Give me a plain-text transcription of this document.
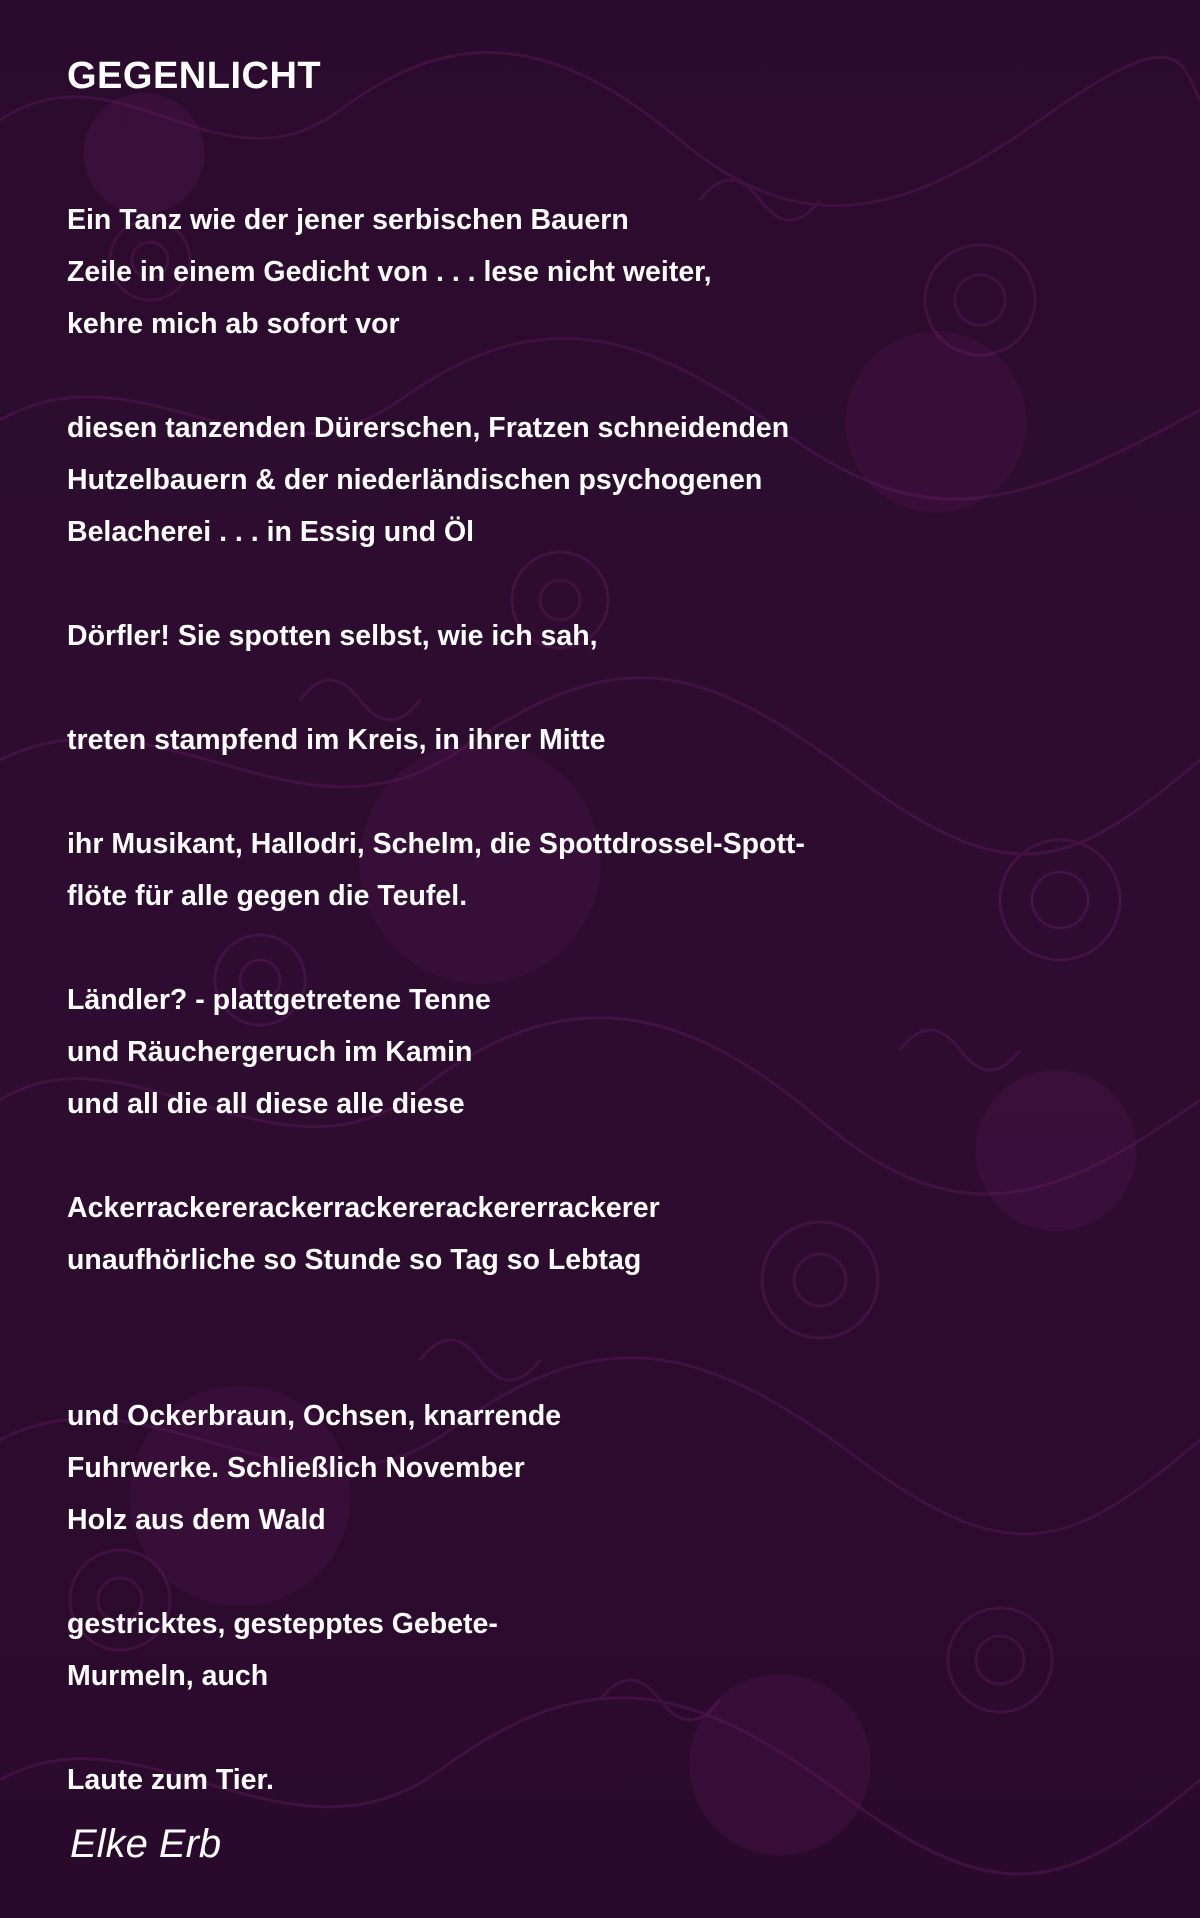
GEGENLICHT
Ein Tanz wie der jener serbischen Bauern
Zeile in einem Gedicht von . . . lese nicht weiter,
kehre mich ab sofort vor
diesen tanzenden Dürerschen, Fratzen schneidenden
Hutzelbauern & der niederländischen psychogenen
Belacherei . . . in Essig und Öl
Dörfler! Sie spotten selbst, wie ich sah,
treten stampfend im Kreis, in ihrer Mitte
ihr Musikant, Hallodri, Schelm, die Spottdrossel-Spott-
flöte für alle gegen die Teufel.
Ländler? - plattgetretene Tenne
und Räuchergeruch im Kamin
und all die all diese alle diese
Ackerrackererackerrackererackererrackerer
unaufhörliche so Stunde so Tag so Lebtag
und Ockerbraun, Ochsen, knarrende
Fuhrwerke. Schließlich November
Holz aus dem Wald
gestricktes, gestepptes Gebete-
Murmeln, auch
Laute zum Tier.
Elke Erb
